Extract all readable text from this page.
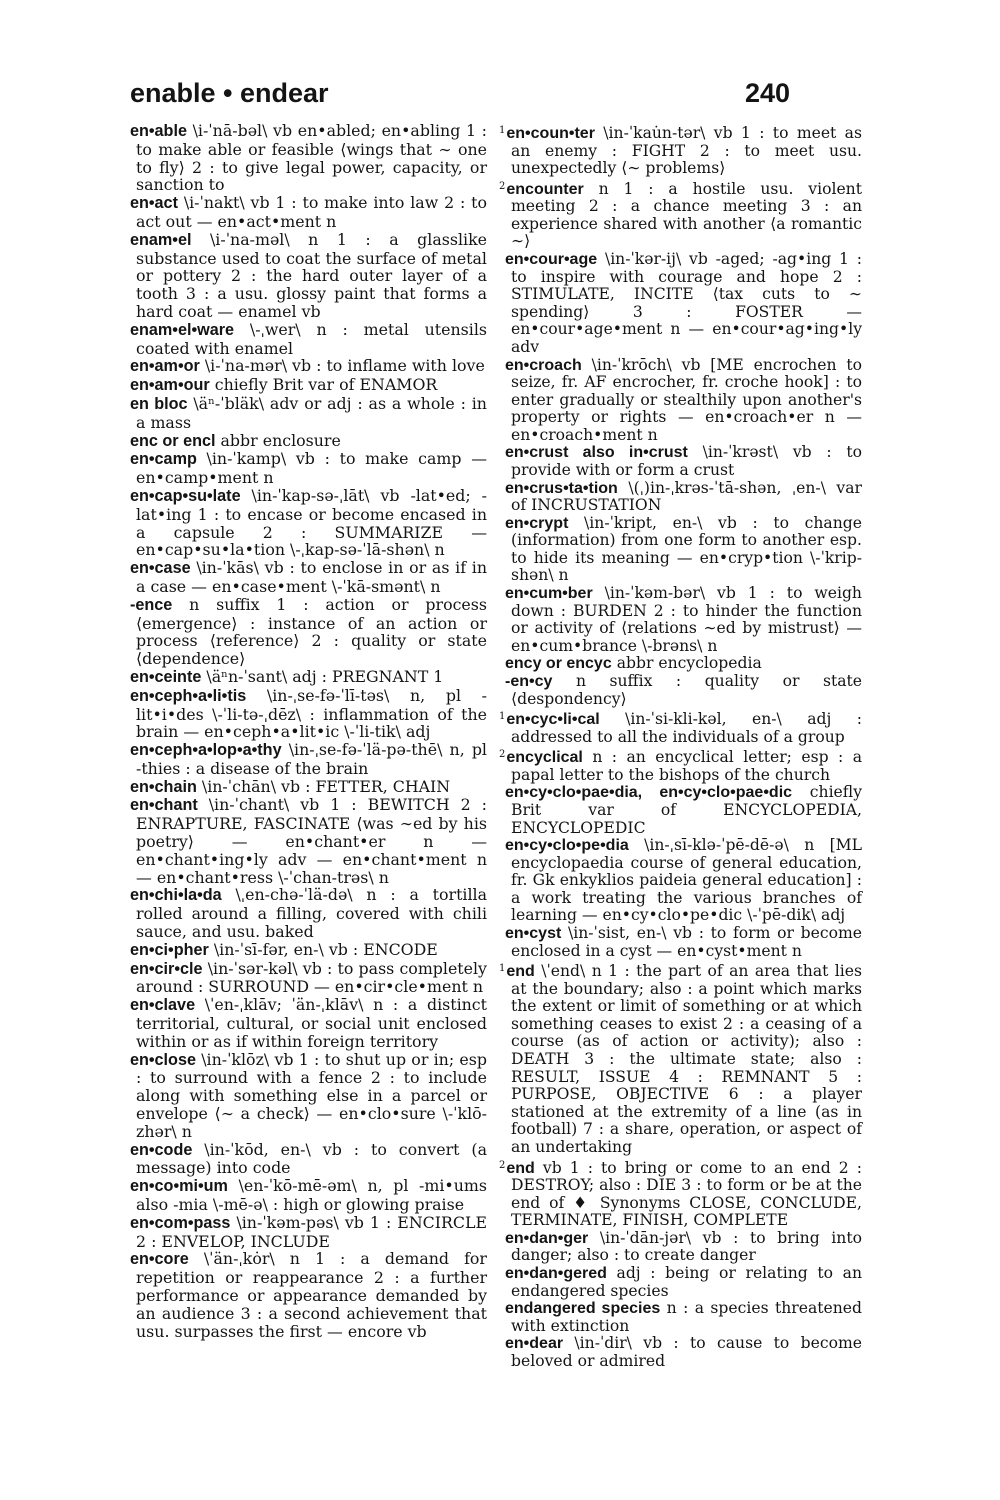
enable • endear	240

en•able \i-ˈnā-bəl\ vb en•abled; en•abling 1 : to make able or feasible ⟨wings that ∼ one to fly⟩ 2 : to give legal power, capacity, or sanction to

en•act \i-ˈnakt\ vb 1 : to make into law 2 : to act out — en•act•ment n

enam•el \i-ˈna-məl\ n 1 : a glasslike substance used to coat the surface of metal or pottery 2 : the hard outer layer of a tooth 3 : a usu. glossy paint that forms a hard coat — enamel vb

enam•el•ware \-ˌwer\ n : metal utensils coated with enamel

en•am•or \i-ˈna-mər\ vb : to inflame with love

en•am•our chiefly Brit var of ENAMOR

en bloc \äⁿ-ˈbläk\ adv or adj : as a whole : in a mass

enc or encl abbr enclosure

en•camp \in-ˈkamp\ vb : to make camp — en•camp•ment n

en•cap•su•late \in-ˈkap-sə-ˌlāt\ vb -lat•ed; -lat•ing 1 : to encase or become encased in a capsule 2 : SUMMARIZE — en•cap•su•la•tion \-ˌkap-sə-ˈlā-shən\ n

en•case \in-ˈkās\ vb : to enclose in or as if in a case — en•case•ment \-ˈkā-smənt\ n

-ence n suffix 1 : action or process ⟨emergence⟩ : instance of an action or process ⟨reference⟩ 2 : quality or state ⟨dependence⟩

en•ceinte \äⁿn-ˈsant\ adj : PREGNANT 1

en•ceph•a•li•tis \in-ˌse-fə-ˈlī-təs\ n, pl -lit•i•des \-ˈli-tə-ˌdēz\ : inflammation of the brain — en•ceph•a•lit•ic \-ˈli-tik\ adj

en•ceph•a•lop•a•thy \in-ˌse-fə-ˈlä-pə-thē\ n, pl -thies : a disease of the brain

en•chain \in-ˈchān\ vb : FETTER, CHAIN

en•chant \in-ˈchant\ vb 1 : BEWITCH 2 : ENRAPTURE, FASCINATE ⟨was ∼ed by his poetry⟩ — en•chant•er n — en•chant•ing•ly adv — en•chant•ment n — en•chant•ress \-ˈchan-trəs\ n

en•chi•la•da \ˌen-chə-ˈlä-də\ n : a tortilla rolled around a filling, covered with chili sauce, and usu. baked

en•ci•pher \in-ˈsī-fər, en-\ vb : ENCODE

en•cir•cle \in-ˈsər-kəl\ vb : to pass completely around : SURROUND — en•cir•cle•ment n

en•clave \ˈen-ˌklāv; ˈän-ˌklāv\ n : a distinct territorial, cultural, or social unit enclosed within or as if within foreign territory

en•close \in-ˈklōz\ vb 1 : to shut up or in; esp : to surround with a fence 2 : to include along with something else in a parcel or envelope ⟨∼ a check⟩ — en•clo•sure \-ˈklō-zhər\ n

en•code \in-ˈkōd, en-\ vb : to convert (a message) into code

en•co•mi•um \en-ˈkō-mē-əm\ n, pl -mi•ums also -mia \-mē-ə\ : high or glowing praise

en•com•pass \in-ˈkəm-pəs\ vb 1 : ENCIRCLE 2 : ENVELOP, INCLUDE

en•core \ˈän-ˌkȯr\ n 1 : a demand for repetition or reappearance 2 : a further performance or appearance demanded by an audience 3 : a second achievement that usu. surpasses the first — encore vb

$^1$en•coun•ter \in-ˈkau̇n-tər\ vb 1 : to meet as an enemy : FIGHT 2 : to meet usu. unexpectedly ⟨∼ problems⟩

$^2$encounter n 1 : a hostile usu. violent meeting 2 : a chance meeting 3 : an experience shared with another ⟨a romantic ∼⟩

en•cour•age \in-ˈkər-ij\ vb -aged; -ag•ing 1 : to inspire with courage and hope 2 : STIMULATE, INCITE ⟨tax cuts to ∼ spending⟩ 3 : FOSTER — en•cour•age•ment n — en•cour•ag•ing•ly adv

en•croach \in-ˈkrōch\ vb [ME encrochen to seize, fr. AF encrocher, fr. croche hook] : to enter gradually or stealthily upon another's property or rights — en•croach•er n — en•croach•ment n

en•crust also in•crust \in-ˈkrəst\ vb : to provide with or form a crust

en•crus•ta•tion \(ˌ)in-ˌkrəs-ˈtā-shən, ˌen-\ var of INCRUSTATION

en•crypt \in-ˈkript, en-\ vb : to change (information) from one form to another esp. to hide its meaning — en•cryp•tion \-ˈkrip-shən\ n

en•cum•ber \in-ˈkəm-bər\ vb 1 : to weigh down : BURDEN 2 : to hinder the function or activity of ⟨relations ∼ed by mistrust⟩ — en•cum•brance \-brəns\ n

ency or encyc abbr encyclopedia

-en•cy n suffix : quality or state ⟨despondency⟩

$^1$en•cyc•li•cal \in-ˈsi-kli-kəl, en-\ adj : addressed to all the individuals of a group

$^2$encyclical n : an encyclical letter; esp : a papal letter to the bishops of the church

en•cy•clo•pae•dia, en•cy•clo•pae•dic chiefly Brit var of ENCYCLOPEDIA, ENCYCLOPEDIC

en•cy•clo•pe•dia \in-ˌsī-klə-ˈpē-dē-ə\ n [ML encyclopaedia course of general education, fr. Gk enkyklios paideia general education] : a work treating the various branches of learning — en•cy•clo•pe•dic \-ˈpē-dik\ adj

en•cyst \in-ˈsist, en-\ vb : to form or become enclosed in a cyst — en•cyst•ment n

$^1$end \ˈend\ n 1 : the part of an area that lies at the boundary; also : a point which marks the extent or limit of something or at which something ceases to exist 2 : a ceasing of a course (as of action or activity); also : DEATH 3 : the ultimate state; also : RESULT, ISSUE 4 : REMNANT 5 : PURPOSE, OBJECTIVE 6 : a player stationed at the extremity of a line (as in football) 7 : a share, operation, or aspect of an undertaking

$^2$end vb 1 : to bring or come to an end 2 : DESTROY; also : DIE 3 : to form or be at the end of ♦ Synonyms CLOSE, CONCLUDE, TERMINATE, FINISH, COMPLETE

en•dan•ger \in-ˈdān-jər\ vb : to bring into danger; also : to create danger

en•dan•gered adj : being or relating to an endangered species

endangered species n : a species threatened with extinction

en•dear \in-ˈdir\ vb : to cause to become beloved or admired
